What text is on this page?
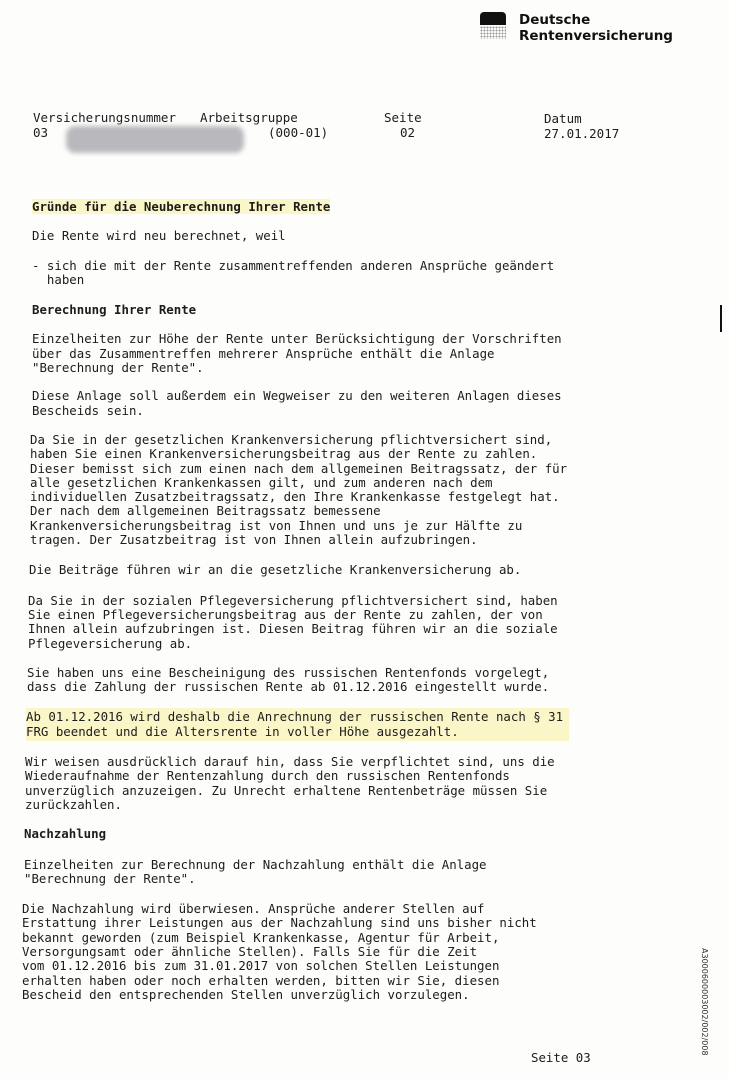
Deutsche
Rentenversicherung
Versicherungsnummer Arbeitsgruppe	Seite	Datum
03	(000-01)	02	27.01.2017
Gründe für die Neuberechnung Ihrer Rente
Die Rente wird neu berechnet, weil
- sich die mit der Rente zusammentreffenden anderen Ansprüche geändert
haben
Berechnung Ihrer Rente
Einzelheiten zur Höhe der Rente unter Berücksichtigung der Vorschriften
über das Zusammentreffen mehrerer Ansprüche enthält die Anlage
"Berechnung der Rente".
Diese Anlage soll außerdem ein Wegweiser zu den weiteren Anlagen dieses
Bescheids sein.
Da Sie in der gesetzlichen Krankenversicherung pflichtversichert sind,
haben Sie einen Krankenversicherungsbeitrag aus der Rente zu zahlen.
Dieser bemisst sich zum einen nach dem allgemeinen Beitragssatz, der für
alle gesetzlichen Krankenkassen gilt, und zum anderen nach dem
individuellen Zusatzbeitragssatz, den Ihre Krankenkasse festgelegt hat.
Der nach dem allgemeinen Beitragssatz bemessene
Krankenversicherungsbeitrag ist von Ihnen und uns je zur Hälfte zu
tragen. Der Zusatzbeitrag ist von Ihnen allein aufzubringen.
Die Beiträge führen wir an die gesetzliche Krankenversicherung ab.
Da Sie in der sozialen Pflegeversicherung pflichtversichert sind, haben
Sie einen Pflegeversicherungsbeitrag aus der Rente zu zahlen, der von
Ihnen allein aufzubringen ist. Diesen Beitrag führen wir an die soziale
Pflegeversicherung ab.
Sie haben uns eine Bescheinigung des russischen Rentenfonds vorgelegt,
dass die Zahlung der russischen Rente ab 01.12.2016 eingestellt wurde.
Ab 01.12.2016 wird deshalb die Anrechnung der russischen Rente nach § 31
FRG beendet und die Altersrente in voller Höhe ausgezahlt.
Wir weisen ausdrücklich darauf hin, dass Sie verpflichtet sind, uns die
Wiederaufnahme der Rentenzahlung durch den russischen Rentenfonds
unverzüglich anzuzeigen. Zu Unrecht erhaltene Rentenbeträge müssen Sie
zurückzahlen.
Nachzahlung
Einzelheiten zur Berechnung der Nachzahlung enthält die Anlage
"Berechnung der Rente".
Die Nachzahlung wird überwiesen. Ansprüche anderer Stellen auf
Erstattung ihrer Leistungen aus der Nachzahlung sind uns bisher nicht
bekannt geworden (zum Beispiel Krankenkasse, Agentur für Arbeit,
Versorgungsamt oder ähnliche Stellen). Falls Sie für die Zeit
vom 01.12.2016 bis zum 31.01.2017 von solchen Stellen Leistungen
erhalten haben oder noch erhalten werden, bitten wir Sie, diesen
Bescheid den entsprechenden Stellen unverzüglich vorzulegen.	A3000600003002/002/008
Seite 03
